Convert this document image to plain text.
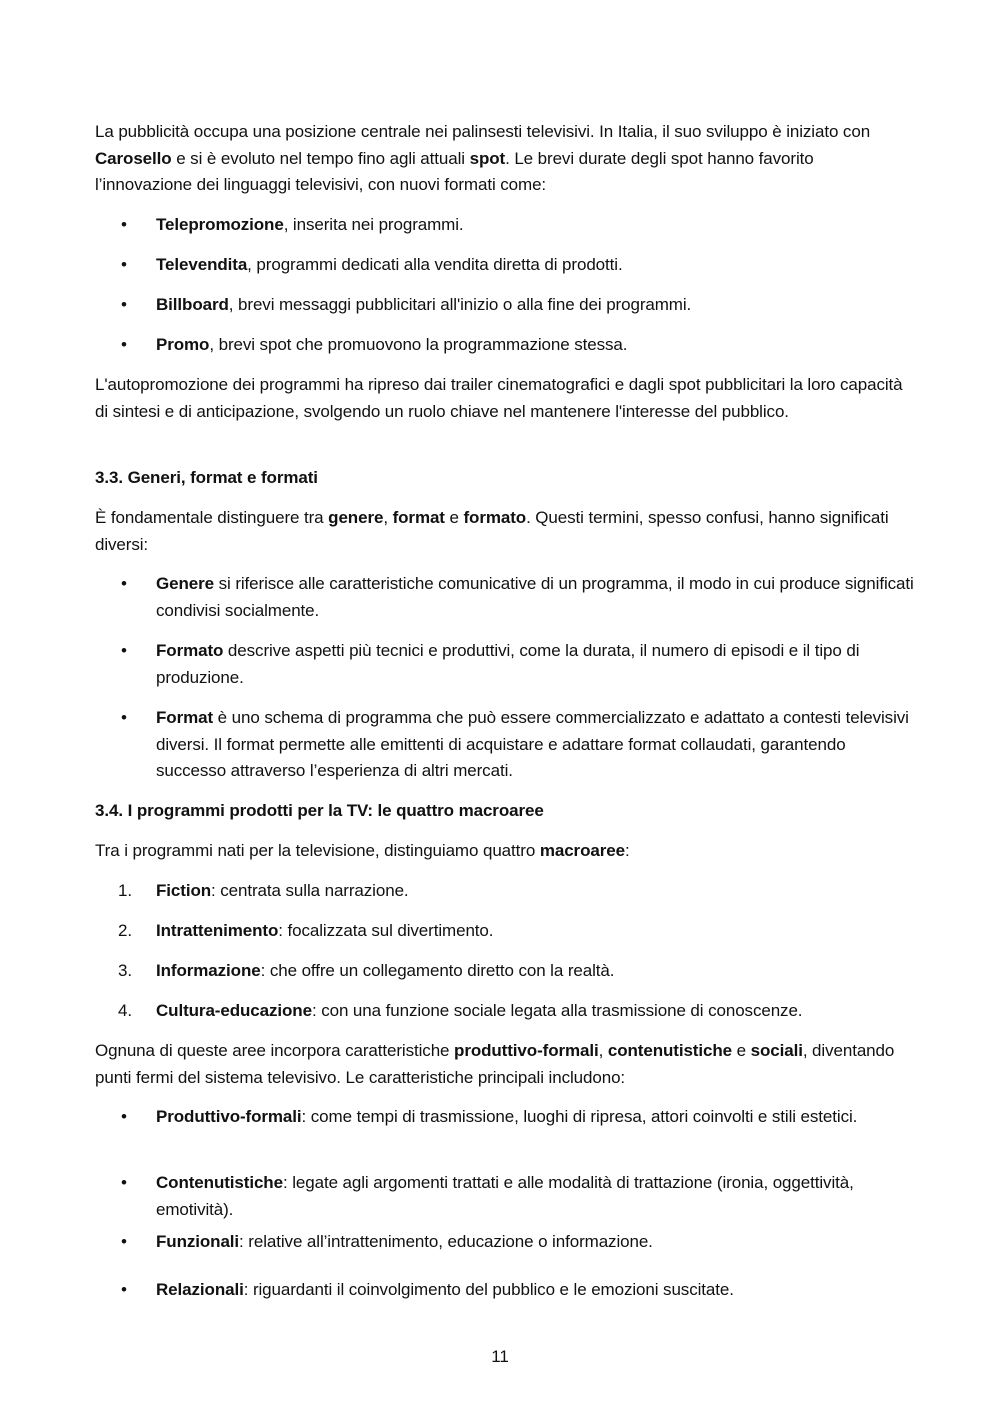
La pubblicità occupa una posizione centrale nei palinsesti televisivi. In Italia, il suo sviluppo è iniziato con Carosello e si è evoluto nel tempo fino agli attuali spot. Le brevi durate degli spot hanno favorito l’innovazione dei linguaggi televisivi, con nuovi formati come:

•	Telepromozione, inserita nei programmi.

•	Televendita, programmi dedicati alla vendita diretta di prodotti.

•	Billboard, brevi messaggi pubblicitari all'inizio o alla fine dei programmi.

•	Promo, brevi spot che promuovono la programmazione stessa.

L'autopromozione dei programmi ha ripreso dai trailer cinematografici e dagli spot pubblicitari la loro capacità di sintesi e di anticipazione, svolgendo un ruolo chiave nel mantenere l'interesse del pubblico.

3.3. Generi, format e formati

È fondamentale distinguere tra genere, format e formato. Questi termini, spesso confusi, hanno significati diversi:

•	Genere si riferisce alle caratteristiche comunicative di un programma, il modo in cui produce significati condivisi socialmente.

•	Formato descrive aspetti più tecnici e produttivi, come la durata, il numero di episodi e il tipo di produzione.

•	Format è uno schema di programma che può essere commercializzato e adattato a contesti televisivi diversi. Il format permette alle emittenti di acquistare e adattare format collaudati, garantendo successo attraverso l’esperienza di altri mercati.

3.4. I programmi prodotti per la TV: le quattro macroaree

Tra i programmi nati per la televisione, distinguiamo quattro macroaree:

1.	Fiction: centrata sulla narrazione.

2.	Intrattenimento: focalizzata sul divertimento.

3.	Informazione: che offre un collegamento diretto con la realtà.

4.	Cultura-educazione: con una funzione sociale legata alla trasmissione di conoscenze.

Ognuna di queste aree incorpora caratteristiche produttivo-formali, contenutistiche e sociali, diventando punti fermi del sistema televisivo. Le caratteristiche principali includono:

•	Produttivo-formali: come tempi di trasmissione, luoghi di ripresa, attori coinvolti e stili estetici.

•	Contenutistiche: legate agli argomenti trattati e alle modalità di trattazione (ironia, oggettività, emotività).

•	Funzionali: relative all’intrattenimento, educazione o informazione.

•	Relazionali: riguardanti il coinvolgimento del pubblico e le emozioni suscitate.

11
